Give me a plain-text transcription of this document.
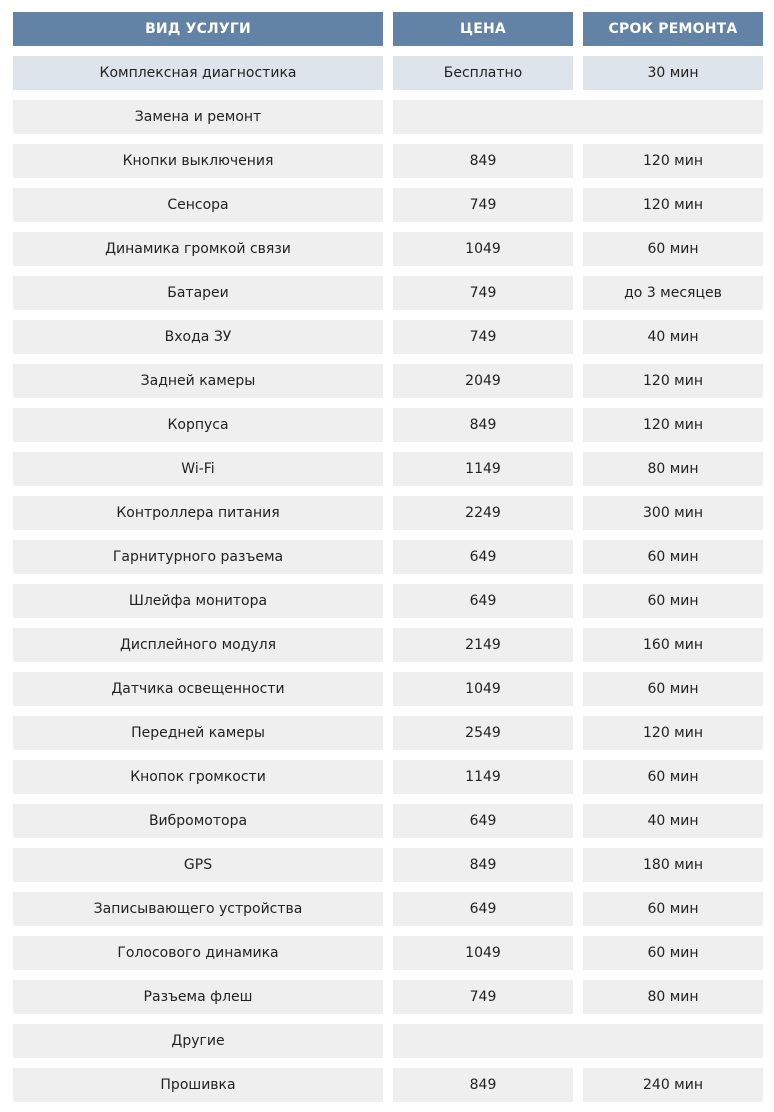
ВИД УСЛУГИ	ЦЕНА	СРОК РЕМОНТА
Комплексная диагностика	Бесплатно	30 мин
Замена и ремонт
Кнопки выключения	849	120 мин
Сенсора	749	120 мин
Динамика громкой связи	1049	60 мин
Батареи	749	до 3 месяцев
Входа ЗУ	749	40 мин
Задней камеры	2049	120 мин
Корпуса	849	120 мин
Wi-Fi	1149	80 мин
Контроллера питания	2249	300 мин
Гарнитурного разъема	649	60 мин
Шлейфа монитора	649	60 мин
Дисплейного модуля	2149	160 мин
Датчика освещенности	1049	60 мин
Передней камеры	2549	120 мин
Кнопок громкости	1149	60 мин
Вибромотора	649	40 мин
GPS	849	180 мин
Записывающего устройства	649	60 мин
Голосового динамика	1049	60 мин
Разъема флеш	749	80 мин
Другие
Прошивка	849	240 мин
